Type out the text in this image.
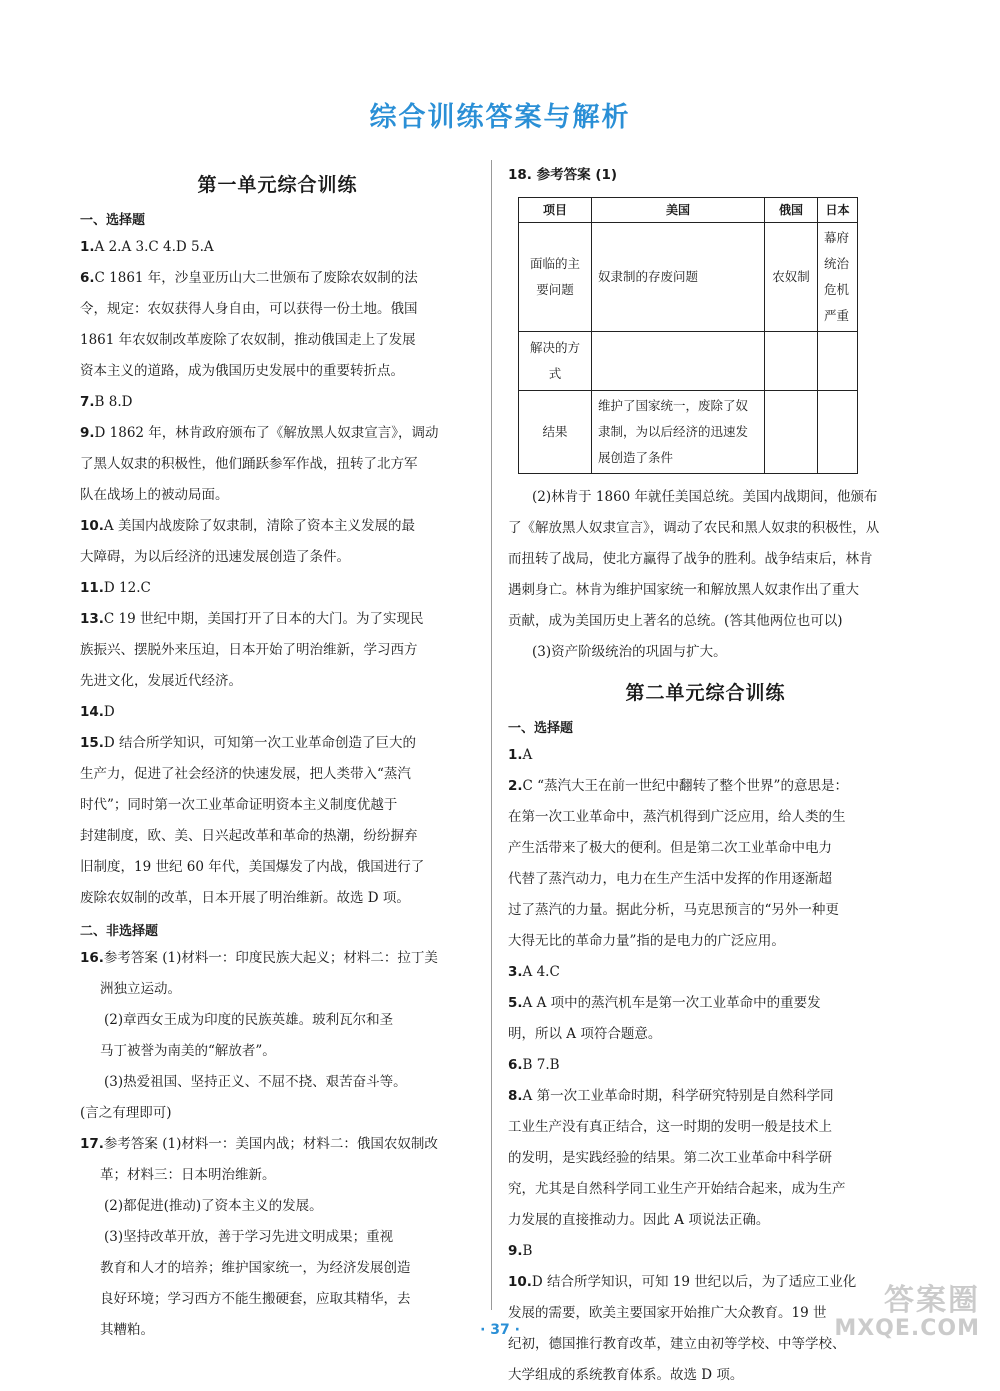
综合训练答案与解析
第一单元综合训练
一、选择题
1.A 2.A 3.C 4.D 5.A
6.C 1861 年，沙皇亚历山大二世颁布了废除农奴制的法
令，规定：农奴获得人身自由，可以获得一份土地。俄国
1861 年农奴制改革废除了农奴制，推动俄国走上了发展
资本主义的道路，成为俄国历史发展中的重要转折点。
7.B 8.D
9.D 1862 年，林肯政府颁布了《解放黑人奴隶宣言》，调动
了黑人奴隶的积极性，他们踊跃参军作战，扭转了北方军
队在战场上的被动局面。
10.A 美国内战废除了奴隶制，清除了资本主义发展的最
大障碍，为以后经济的迅速发展创造了条件。
11.D 12.C
13.C 19 世纪中期，美国打开了日本的大门。为了实现民
族振兴、摆脱外来压迫，日本开始了明治维新，学习西方
先进文化，发展近代经济。
14.D
15.D 结合所学知识，可知第一次工业革命创造了巨大的
生产力，促进了社会经济的快速发展，把人类带入“蒸汽
时代”；同时第一次工业革命证明资本主义制度优越于
封建制度，欧、美、日兴起改革和革命的热潮，纷纷摒弃
旧制度，19 世纪 60 年代，美国爆发了内战，俄国进行了
废除农奴制的改革，日本开展了明治维新。故选 D 项。
二、非选择题
16.参考答案 (1)材料一：印度民族大起义；材料二：拉丁美
洲独立运动。
(2)章西女王成为印度的民族英雄。玻利瓦尔和圣
马丁被誉为南美的“解放者”。
(3)热爱祖国、坚持正义、不屈不挠、艰苦奋斗等。
(言之有理即可)
17.参考答案 (1)材料一：美国内战；材料二：俄国农奴制改
革；材料三：日本明治维新。
(2)都促进(推动)了资本主义的发展。
(3)坚持改革开放，善于学习先进文明成果；重视
教育和人才的培养；维护国家统一，为经济发展创造
良好环境；学习西方不能生搬硬套，应取其精华，去
其糟粕。
18. 参考答案 (1)
项目	美国	俄国	日本
面临的主要问题	奴隶制的存废问题	农奴制	幕府统治危机严重
解决的方式			
结果	维护了国家统一，废除了奴隶制，为以后经济的迅速发展创造了条件		
(2)林肯于 1860 年就任美国总统。美国内战期间，他颁布
了《解放黑人奴隶宣言》，调动了农民和黑人奴隶的积极性，从
而扭转了战局，使北方赢得了战争的胜利。战争结束后，林肯
遇刺身亡。林肯为维护国家统一和解放黑人奴隶作出了重大
贡献，成为美国历史上著名的总统。(答其他两位也可以)
(3)资产阶级统治的巩固与扩大。
第二单元综合训练
一、选择题
1.A
2.C “蒸汽大王在前一世纪中翻转了整个世界”的意思是：
在第一次工业革命中，蒸汽机得到广泛应用，给人类的生
产生活带来了极大的便利。但是第二次工业革命中电力
代替了蒸汽动力，电力在生产生活中发挥的作用逐渐超
过了蒸汽的力量。据此分析，马克思预言的“另外一种更
大得无比的革命力量”指的是电力的广泛应用。
3.A 4.C
5.A A 项中的蒸汽机车是第一次工业革命中的重要发
明，所以 A 项符合题意。
6.B 7.B
8.A 第一次工业革命时期，科学研究特别是自然科学同
工业生产没有真正结合，这一时期的发明一般是技术上
的发明，是实践经验的结果。第二次工业革命中科学研
究，尤其是自然科学同工业生产开始结合起来，成为生产
力发展的直接推动力。因此 A 项说法正确。
9.B
10.D 结合所学知识，可知 19 世纪以后，为了适应工业化
发展的需要，欧美主要国家开始推广大众教育。19 世
纪初，德国推行教育改革，建立由初等学校、中等学校、
大学组成的系统教育体系。故选 D 项。
· 37 ·
答案圈
MXQE.COM
